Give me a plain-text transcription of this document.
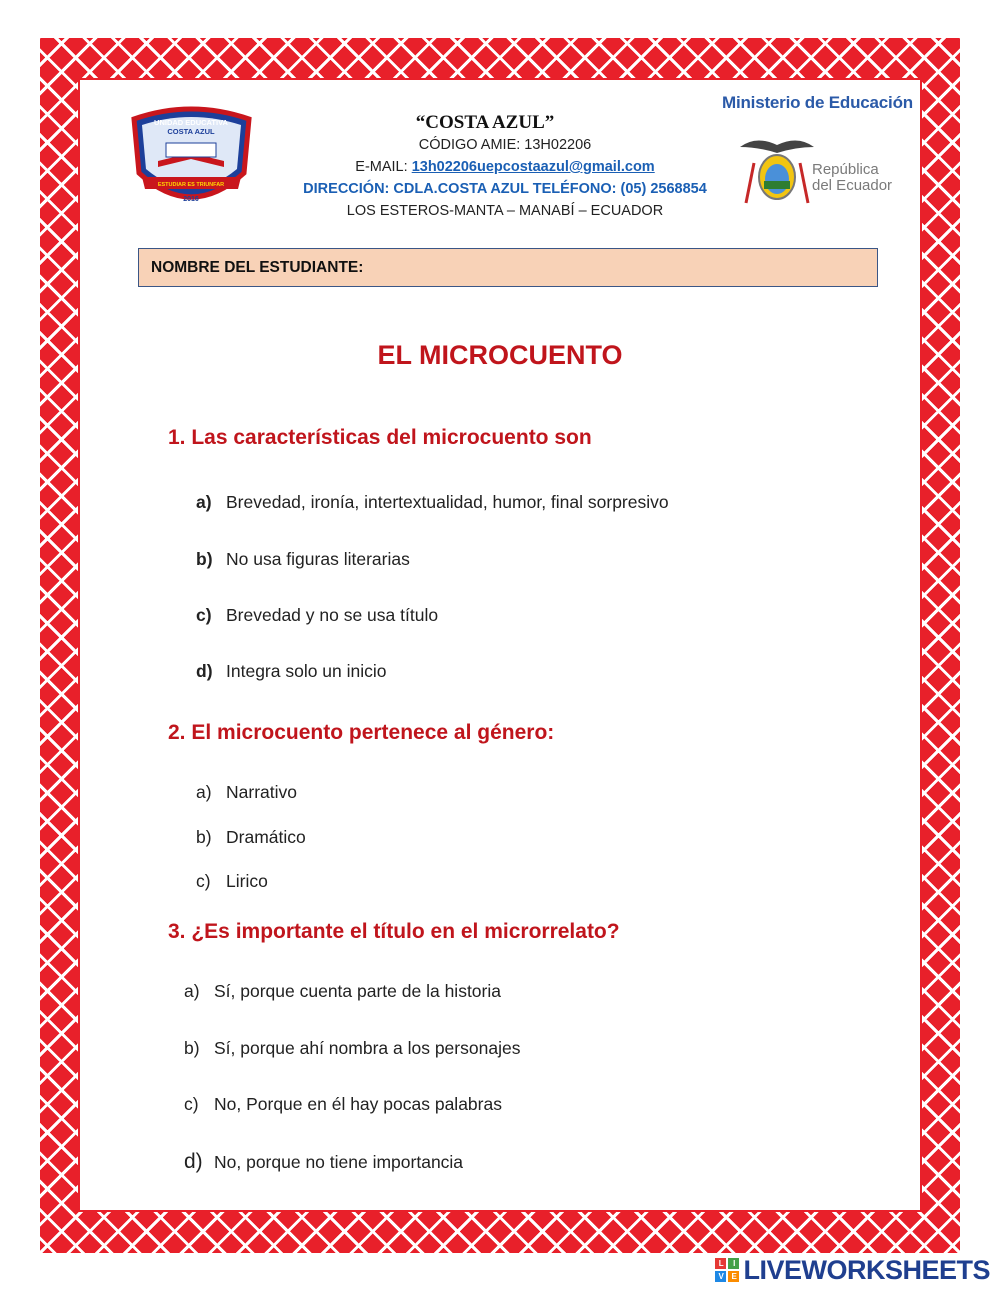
UNIDAD EDUCATIVA
COSTA AZUL
ESTUDIAR ES TRIUNFAR
2016
“COSTA AZUL”
CÓDIGO AMIE: 13H02206
E-MAIL: 13h02206uepcostaazul@gmail.com
DIRECCIÓN: CDLA.COSTA AZUL TELÉFONO: (05) 2568854
LOS ESTEROS-MANTA – MANABÍ – ECUADOR
Ministerio de Educación
República
del Ecuador
NOMBRE DEL ESTUDIANTE:
EL MICROCUENTO
1. Las características del microcuento son
a) Brevedad, ironía, intertextualidad, humor, final sorpresivo
b) No usa figuras literarias
c) Brevedad y no se usa título
d) Integra solo un inicio
2. El microcuento pertenece al género:
a) Narrativo
b) Dramático
c) Lirico
3. ¿Es importante el título en el microrrelato?
a) Sí, porque cuenta parte de la historia
b) Sí, porque ahí nombra a los personajes
c) No, Porque en él hay pocas palabras
d) No, porque no tiene importancia
L	I
V	E LIVEWORKSHEETS
